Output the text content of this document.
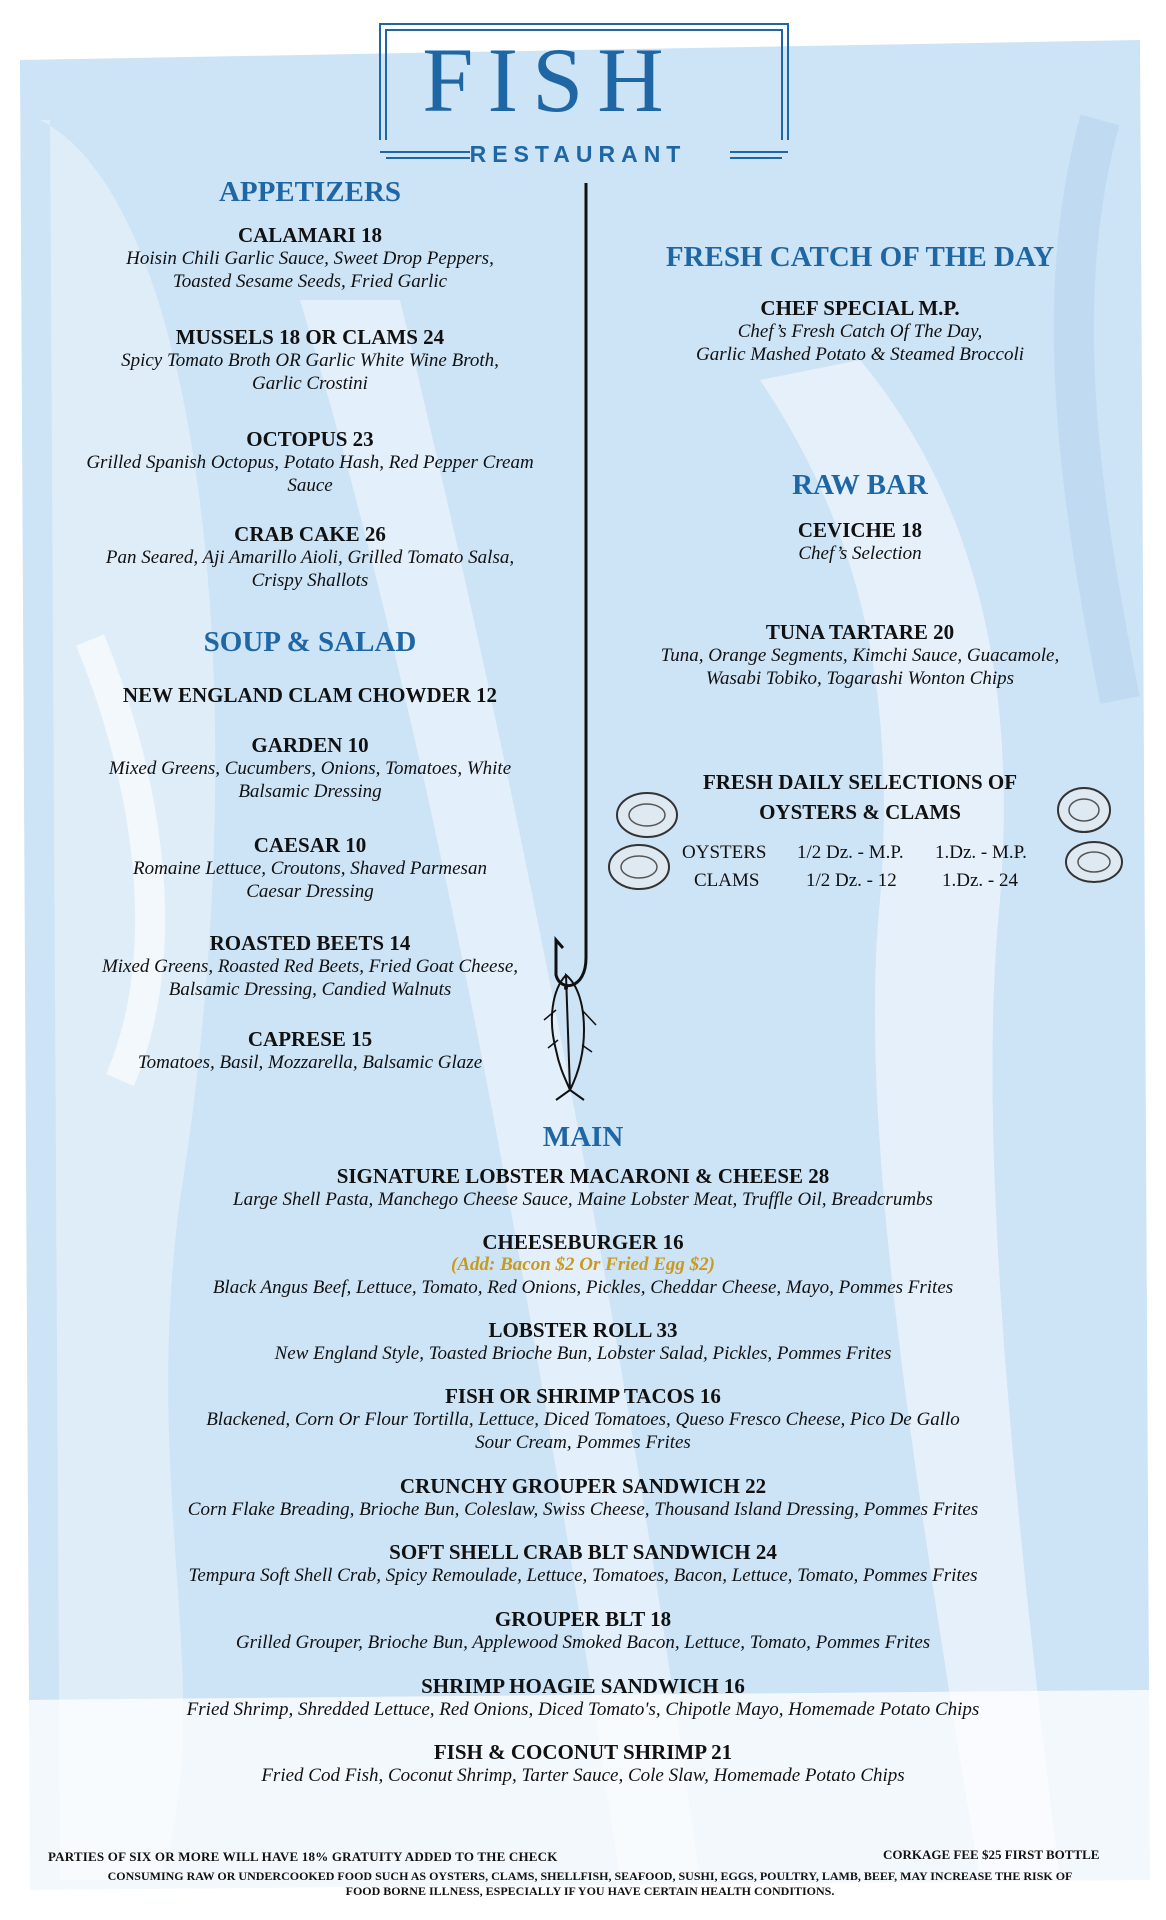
FISH
RESTAURANT
APPETIZERS

CALAMARI 18

Hoisin Chili Garlic Sauce, Sweet Drop Peppers,

Toasted Sesame Seeds, Fried Garlic

MUSSELS 18 OR CLAMS 24

Spicy Tomato Broth OR Garlic White Wine Broth,

Garlic Crostini

OCTOPUS 23

Grilled Spanish Octopus, Potato Hash, Red Pepper Cream

Sauce

CRAB CAKE 26

Pan Seared, Aji Amarillo Aioli, Grilled Tomato Salsa,

Crispy Shallots

SOUP & SALAD

NEW ENGLAND CLAM CHOWDER 12

GARDEN 10

Mixed Greens, Cucumbers, Onions, Tomatoes, White

Balsamic Dressing

CAESAR 10

Romaine Lettuce, Croutons, Shaved Parmesan

Caesar Dressing

ROASTED BEETS 14

Mixed Greens, Roasted Red Beets, Fried Goat Cheese,

Balsamic Dressing, Candied Walnuts

CAPRESE 15

Tomatoes, Basil, Mozzarella, Balsamic Glaze

FRESH CATCH OF THE DAY

CHEF SPECIAL M.P.

Chef’s Fresh Catch Of The Day,

Garlic Mashed Potato & Steamed Broccoli

RAW BAR

CEVICHE 18

Chef’s Selection

TUNA TARTARE 20

Tuna, Orange Segments, Kimchi Sauce, Guacamole,

Wasabi Tobiko, Togarashi Wonton Chips

FRESH DAILY SELECTIONS OF

OYSTERS & CLAMS

OYSTERS 1/2 Dz. - M.P. 1.Dz. - M.P.
CLAMS 1/2 Dz. - 12 1.Dz. - 24
MAIN

SIGNATURE LOBSTER MACARONI & CHEESE 28

Large Shell Pasta, Manchego Cheese Sauce, Maine Lobster Meat, Truffle Oil, Breadcrumbs

CHEESEBURGER 16

(Add: Bacon $2 Or Fried Egg $2)

Black Angus Beef, Lettuce, Tomato, Red Onions, Pickles, Cheddar Cheese, Mayo, Pommes Frites

LOBSTER ROLL 33

New England Style, Toasted Brioche Bun, Lobster Salad, Pickles, Pommes Frites

FISH OR SHRIMP TACOS 16

Blackened, Corn Or Flour Tortilla, Lettuce, Diced Tomatoes, Queso Fresco Cheese, Pico De Gallo

Sour Cream, Pommes Frites

CRUNCHY GROUPER SANDWICH 22

Corn Flake Breading, Brioche Bun, Coleslaw, Swiss Cheese, Thousand Island Dressing, Pommes Frites

SOFT SHELL CRAB BLT SANDWICH 24

Tempura Soft Shell Crab, Spicy Remoulade, Lettuce, Tomatoes, Bacon, Lettuce, Tomato, Pommes Frites

GROUPER BLT 18

Grilled Grouper, Brioche Bun, Applewood Smoked Bacon, Lettuce, Tomato, Pommes Frites

SHRIMP HOAGIE SANDWICH 16

Fried Shrimp, Shredded Lettuce, Red Onions, Diced Tomato's, Chipotle Mayo, Homemade Potato Chips

FISH & COCONUT SHRIMP 21

Fried Cod Fish, Coconut Shrimp, Tarter Sauce, Cole Slaw, Homemade Potato Chips

PARTIES OF SIX OR MORE WILL HAVE 18% GRATUITY ADDED TO THE CHECK	CORKAGE FEE $25 FIRST BOTTLE
CONSUMING RAW OR UNDERCOOKED FOOD SUCH AS OYSTERS, CLAMS, SHELLFISH, SEAFOOD, SUSHI, EGGS, POULTRY, LAMB, BEEF, MAY INCREASE THE RISK OF
FOOD BORNE ILLNESS, ESPECIALLY IF YOU HAVE CERTAIN HEALTH CONDITIONS.
